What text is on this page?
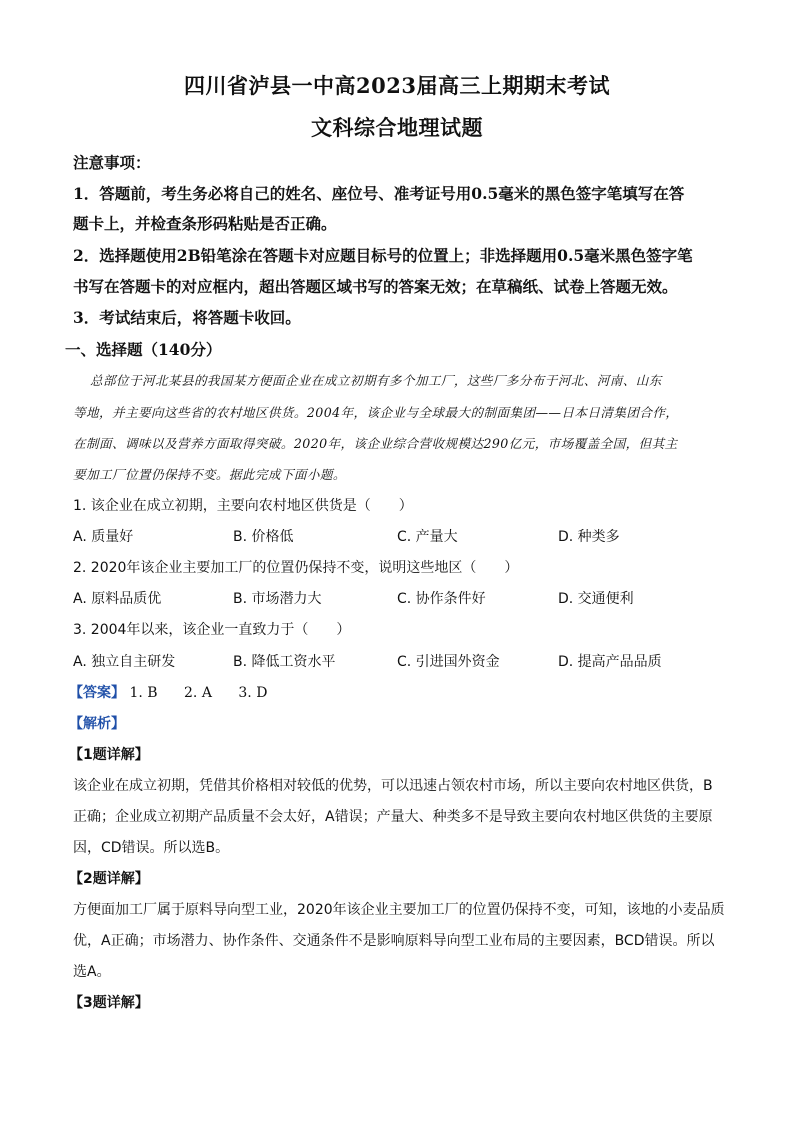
四川省泸县一中高2023届高三上期期末考试
文科综合地理试题
注意事项：
1．答题前，考生务必将自己的姓名、座位号、准考证号用0.5毫米的黑色签字笔填写在答
题卡上，并检查条形码粘贴是否正确。
2．选择题使用2B铅笔涂在答题卡对应题目标号的位置上；非选择题用0.5毫米黑色签字笔
书写在答题卡的对应框内，超出答题区域书写的答案无效；在草稿纸、试卷上答题无效。
3．考试结束后，将答题卡收回。
一、选择题（140分）
总部位于河北某县的我国某方便面企业在成立初期有多个加工厂，这些厂多分布于河北、河南、山东
等地，并主要向这些省的农村地区供货。2004年，该企业与全球最大的制面集团——日本日清集团合作，
在制面、调味以及营养方面取得突破。2020年，该企业综合营收规模达290亿元，市场覆盖全国，但其主
要加工厂位置仍保持不变。据此完成下面小题。
1. 该企业在成立初期，主要向农村地区供货是（　　）
A. 质量好	B. 价格低	C. 产量大	D. 种类多
2. 2020年该企业主要加工厂的位置仍保持不变，说明这些地区（　　）
A. 原料品质优	B. 市场潜力大	C. 协作条件好	D. 交通便利
3. 2004年以来，该企业一直致力于（　　）
A. 独立自主研发	B. 降低工资水平	C. 引进国外资金	D. 提高产品品质
【答案】 1. B 2. A 3. D
【解析】
【1题详解】
该企业在成立初期，凭借其价格相对较低的优势，可以迅速占领农村市场，所以主要向农村地区供货，B
正确；企业成立初期产品质量不会太好，A错误；产量大、种类多不是导致主要向农村地区供货的主要原
因，CD错误。所以选B。
【2题详解】
方便面加工厂属于原料导向型工业，2020年该企业主要加工厂的位置仍保持不变，可知，该地的小麦品质
优，A正确；市场潜力、协作条件、交通条件不是影响原料导向型工业布局的主要因素，BCD错误。所以
选A。
【3题详解】
